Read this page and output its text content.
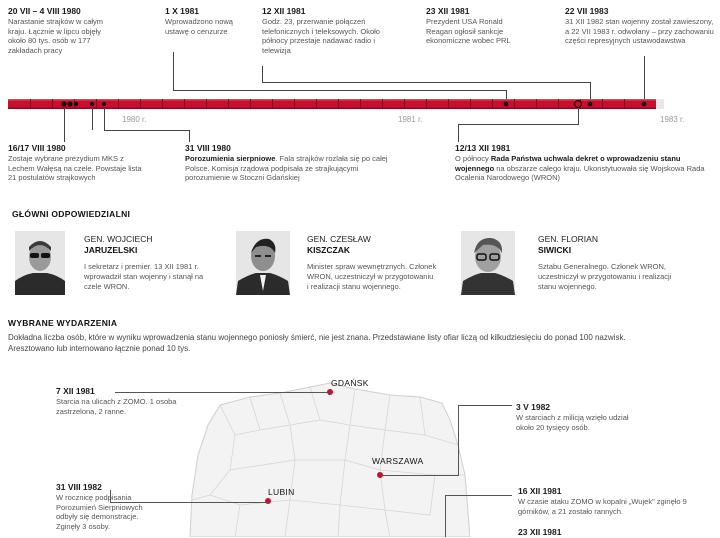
20 VII – 4 VIII 1980
Narastanie strajków w całym kraju. Łącznie w lipcu objęły około 80 tys. osób w 177 zakładach pracy
1 X 1981
Wprowadzono nową ustawę o cenzurze
12 XII 1981
Godz. 23, przerwanie połączeń telefonicznych i teleksowych. Około północy przestaje nadawać radio i telewizja
23 XII 1981
Prezydent USA Ronald Reagan ogłosił sankcje ekonomiczne wobec PRL
22 VII 1983
31 XII 1982 stan wojenny został zawieszony, a 22 VII 1983 r. odwołany – przy zachowaniu części represyjnych ustawodawstwa
1980 r.	1981 r.	1983 r.
16/17 VIII 1980
Zostaje wybrane prezydium MKS z Lechem Wałęsą na czele. Powstaje lista 21 postulatów strajkowych
31 VIII 1980
Porozumienia sierpniowe. Fala strajków rozlała się po całej Polsce. Komisja rządowa podpisała ze strajkującymi porozumienie w Stoczni Gdańskiej
12/13 XII 1981
O północy Rada Państwa uchwala dekret o wprowadzeniu stanu wojennego na obszarze całego kraju. Ukonstytuowała się Wojskowa Rada Ocalenia Narodowego (WRON)
GŁÓWNI ODPOWIEDZIALNI
GEN. WOJCIECH
JARUZELSKI
I sekretarz i premier. 13 XII 1981 r. wprowadził stan wojenny i stanął na czele WRON.
GEN. CZESŁAW
KISZCZAK
Minister spraw wewnętrznych. Członek WRON, uczestniczył w przygotowaniu i realizacji stanu wojennego.
GEN. FLORIAN
SIWICKI
Sztabu Generalnego. Członek WRON, uczestniczył w przygotowaniu i realizacji stanu wojennego.
WYBRANE WYDARZENIA
Dokładna liczba osób, które w wyniku wprowadzenia stanu wojennego poniosły śmierć, nie jest znana. Przedstawiane listy ofiar liczą od kilkudziesięciu do ponad 100 nazwisk. Aresztowano lub internowano łącznie ponad 10 tys.
GDAŃSK
WARSZAWA
LUBIN
7 XII 1981
Starcia na ulicach z ZOMO. 1 osoba zastrzelona, 2 ranne.	3 V 1982
W starciach z milicją wzięło udział około 20 tysięcy osób.
31 VIII 1982
W rocznicę podpisania Porozumień Sierpniowych odbyły się demonstracje. Zginęły 3 osoby.
16 XII 1981
W czasie ataku ZOMO w kopalni „Wujek" zginęło 9 górników, a 21 zostało rannych.
23 XII 1981
